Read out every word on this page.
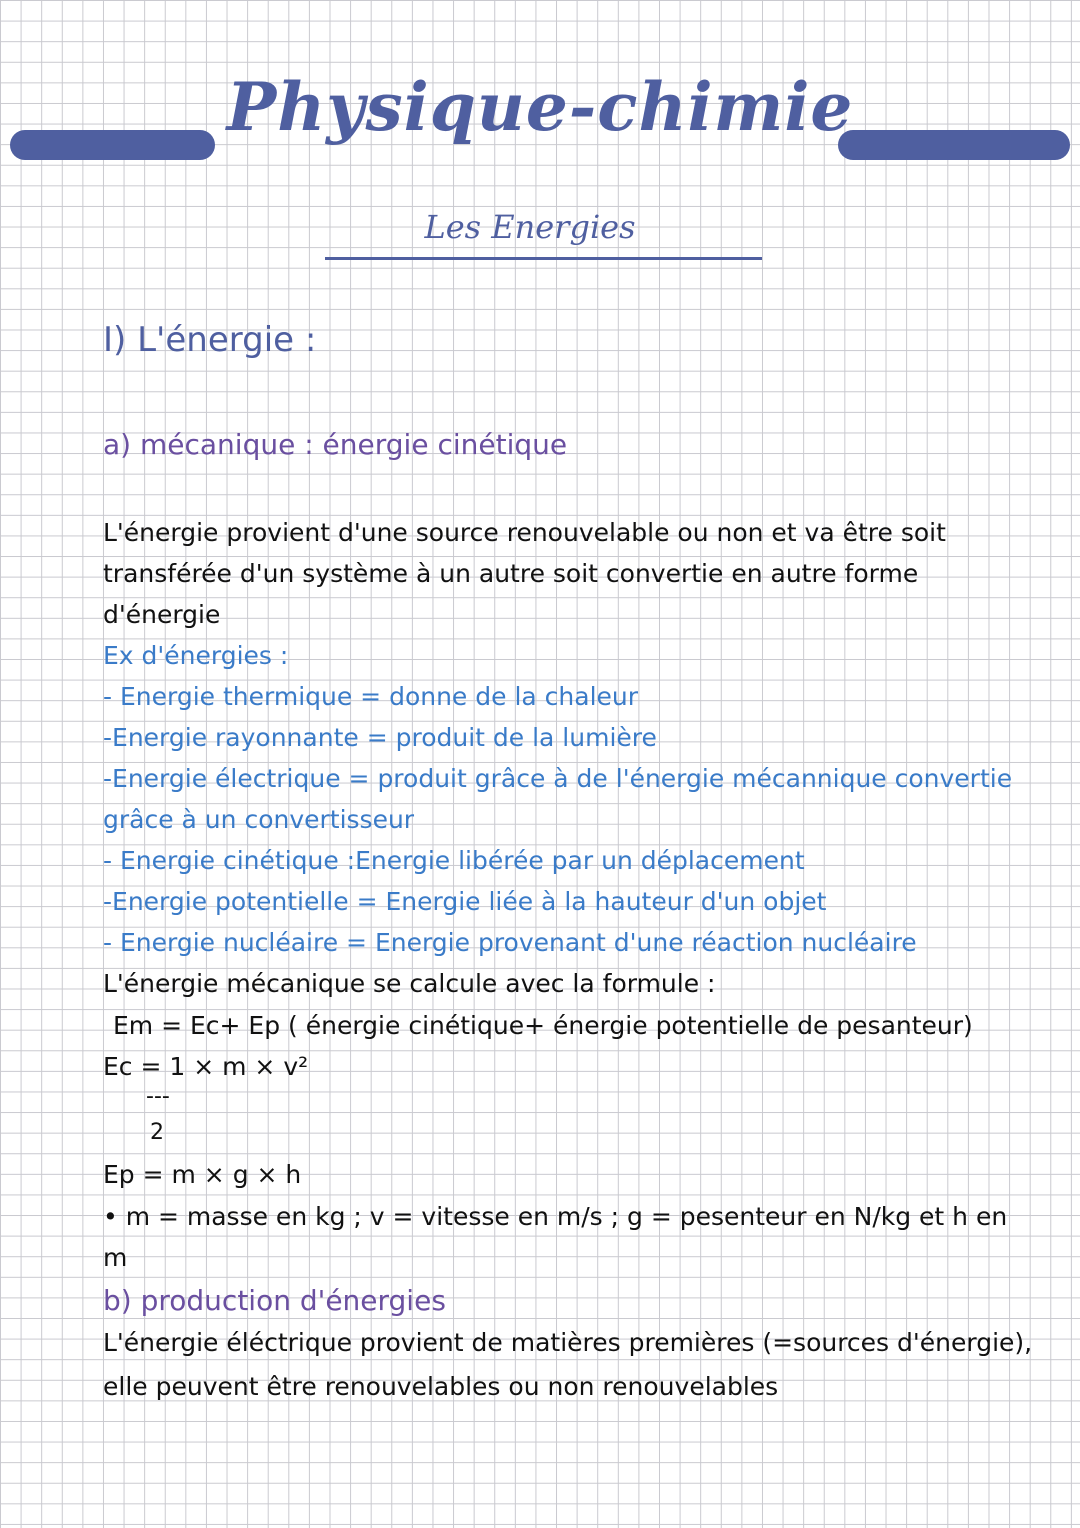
Physique-chimie
Les Energies
I) L'énergie :
a) mécanique : énergie cinétique
L'énergie provient d'une source renouvelable ou non et va être soit
transférée d'un système à un autre soit convertie en autre forme
d'énergie
Ex d'énergies :
- Energie thermique = donne de la chaleur
-Energie rayonnante = produit de la lumière
-Energie électrique = produit grâce à de l'énergie mécannique convertie
grâce à un convertisseur
- Energie cinétique :Energie libérée par un déplacement
-Energie potentielle = Energie liée à la hauteur d'un objet
- Energie nucléaire = Energie provenant d'une réaction nucléaire
L'énergie mécanique se calcule avec la formule :
Em = Ec+ Ep ( énergie cinétique+ énergie potentielle de pesanteur)
Ec = 1 × m × v²
---
2
Ep = m × g × h
• m = masse en kg ; v = vitesse en m/s ; g = pesenteur en N/kg et h en
m
b) production d'énergies
L'énergie éléctrique provient de matières premières (=sources d'énergie),
elle peuvent être renouvelables ou non renouvelables
